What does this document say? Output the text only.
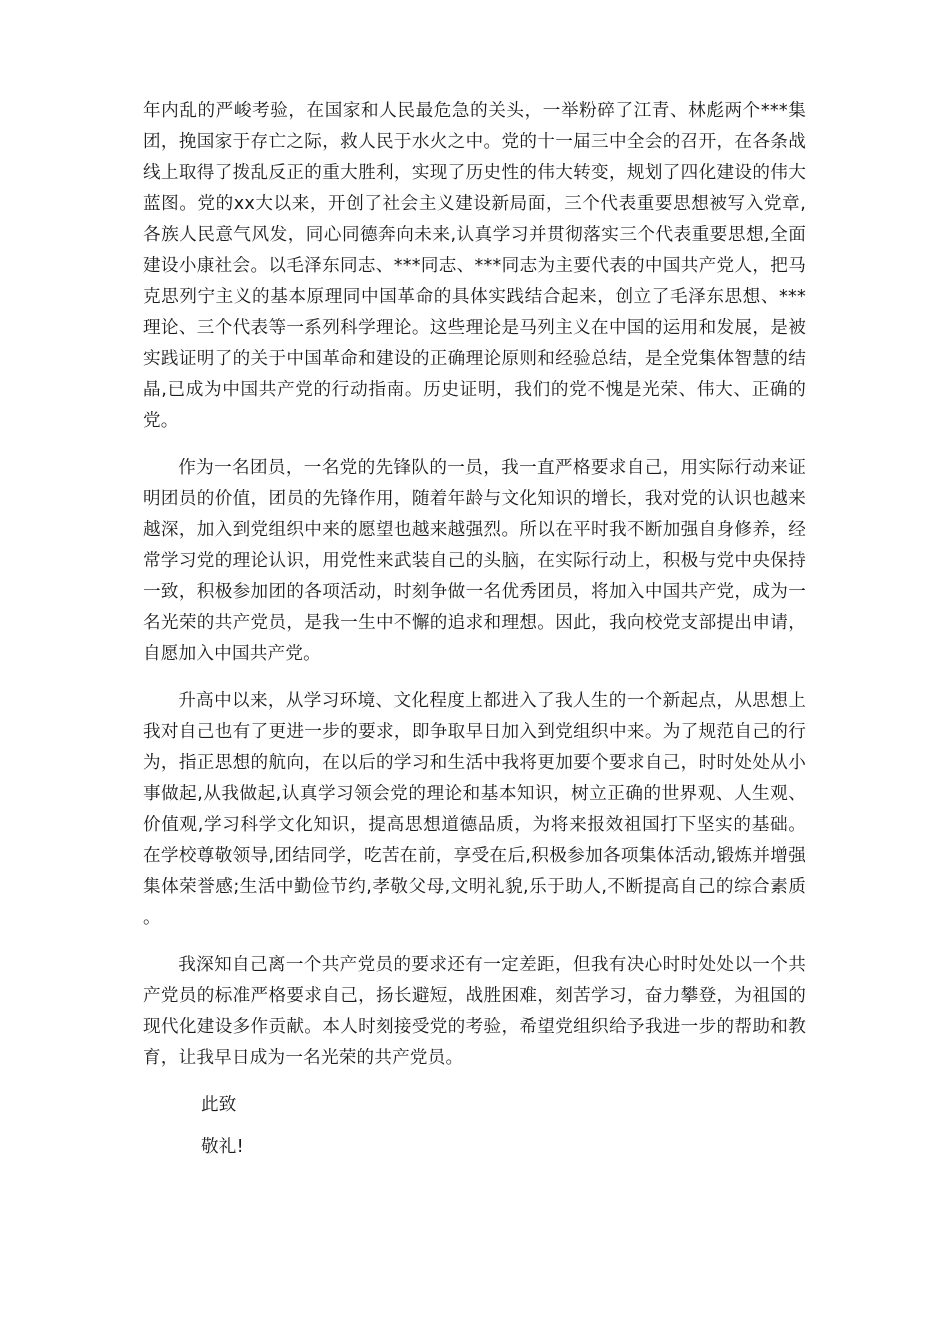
年内乱的严峻考验，在国家和人民最危急的关头，一举粉碎了江青、林彪两个***集团，挽国家于存亡之际，救人民于水火之中。党的十一届三中全会的召开，在各条战线上取得了拨乱反正的重大胜利，实现了历史性的伟大转变，规划了四化建设的伟大蓝图。党的xx大以来，开创了社会主义建设新局面，三个代表重要思想被写入党章,各族人民意气风发，同心同德奔向未来,认真学习并贯彻落实三个代表重要思想,全面建设小康社会。以毛泽东同志、***同志、***同志为主要代表的中国共产党人，把马克思列宁主义的基本原理同中国革命的具体实践结合起来，创立了毛泽东思想、***理论、三个代表等一系列科学理论。这些理论是马列主义在中国的运用和发展，是被实践证明了的关于中国革命和建设的正确理论原则和经验总结，是全党集体智慧的结晶,已成为中国共产党的行动指南。历史证明，我们的党不愧是光荣、伟大、正确的党。

作为一名团员，一名党的先锋队的一员，我一直严格要求自己，用实际行动来证明团员的价值，团员的先锋作用，随着年龄与文化知识的增长，我对党的认识也越来越深，加入到党组织中来的愿望也越来越强烈。所以在平时我不断加强自身修养，经常学习党的理论认识，用党性来武装自己的头脑，在实际行动上，积极与党中央保持一致，积极参加团的各项活动，时刻争做一名优秀团员，将加入中国共产党，成为一名光荣的共产党员，是我一生中不懈的追求和理想。因此，我向校党支部提出申请，自愿加入中国共产党。

升高中以来，从学习环境、文化程度上都进入了我人生的一个新起点，从思想上我对自己也有了更进一步的要求，即争取早日加入到党组织中来。为了规范自己的行为，指正思想的航向，在以后的学习和生活中我将更加要个要求自己，时时处处从小事做起,从我做起,认真学习领会党的理论和基本知识，树立正确的世界观、人生观、价值观,学习科学文化知识，提高思想道德品质，为将来报效祖国打下坚实的基础。在学校尊敬领导,团结同学，吃苦在前，享受在后,积极参加各项集体活动,锻炼并增强集体荣誉感;生活中勤俭节约,孝敬父母,文明礼貌,乐于助人,不断提高自己的综合素质。

我深知自己离一个共产党员的要求还有一定差距，但我有决心时时处处以一个共产党员的标准严格要求自己，扬长避短，战胜困难，刻苦学习，奋力攀登，为祖国的现代化建设多作贡献。本人时刻接受党的考验，希望党组织给予我进一步的帮助和教育，让我早日成为一名光荣的共产党员。

此致
敬礼!
